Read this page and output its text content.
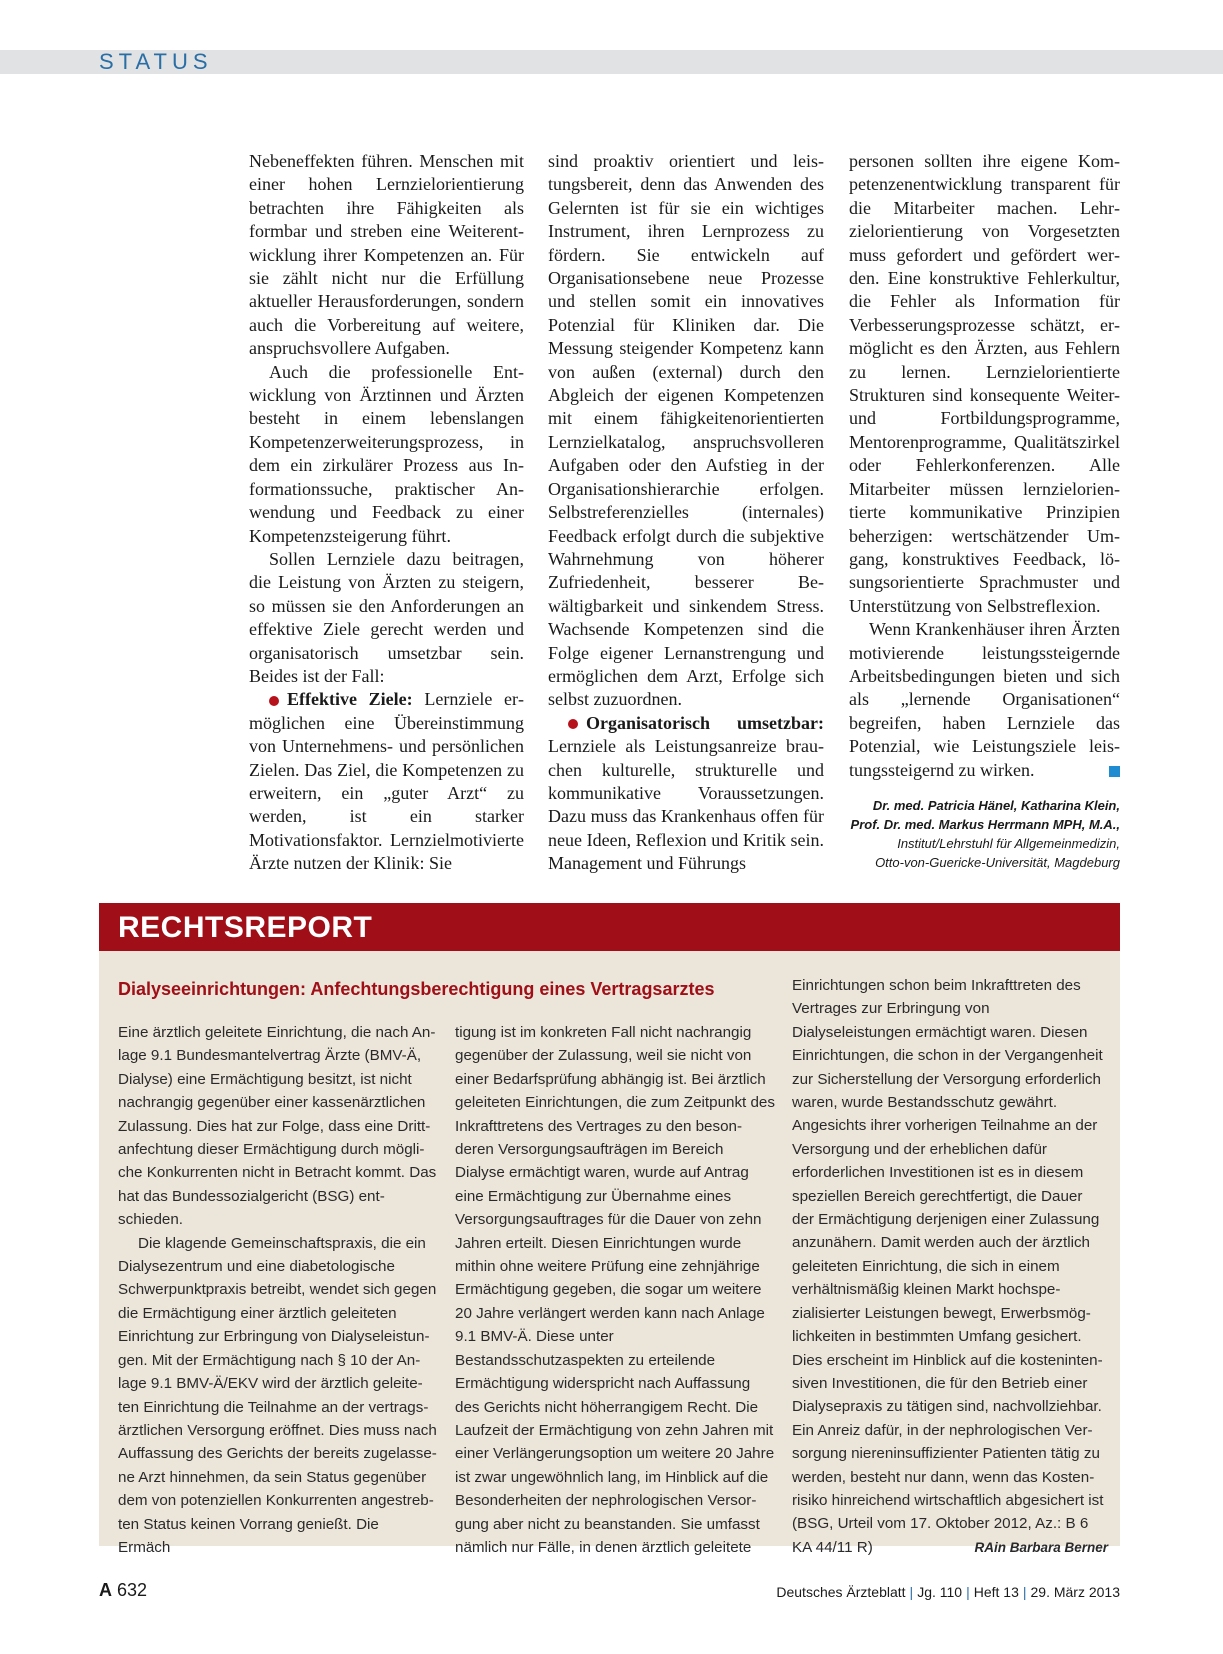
STATUS

Nebeneffekten führen. Menschen mit einer hohen Lernzielorientierung betrachten ihre Fähigkeiten als formbar und streben eine Weiterentwicklung ihrer Kompetenzen an. Für sie zählt nicht nur die Erfüllung aktueller Herausforderungen, sondern auch die Vorbereitung auf weitere, anspruchsvollere Aufgaben.

Auch die professionelle Entwicklung von Ärztinnen und Ärzten besteht in einem lebenslangen Kompetenzerweiterungsprozess, in dem ein zirkulärer Prozess aus Informationssuche, praktischer Anwendung und Feedback zu einer Kompetenzsteigerung führt.

Sollen Lernziele dazu beitragen, die Leistung von Ärzten zu steigern, so müssen sie den Anforderungen an effektive Ziele gerecht werden und organisatorisch umsetzbar sein. Beides ist der Fall:

Effektive Ziele: Lernziele ermöglichen eine Übereinstimmung von Unternehmens- und persönlichen Zielen. Das Ziel, die Kompetenzen zu erweitern, ein „guter Arzt“ zu werden, ist ein starker Motivationsfaktor. Lernzielmotivierte Ärzte nutzen der Klinik: Sie

sind proaktiv orientiert und leistungsbereit, denn das Anwenden des Gelernten ist für sie ein wichtiges Instrument, ihren Lernprozess zu fördern. Sie entwickeln auf Organisationsebene neue Prozesse und stellen somit ein innovatives Potenzial für Kliniken dar. Die Messung steigender Kompetenz kann von außen (external) durch den Abgleich der eigenen Kompetenzen mit einem fähigkeitenorientierten Lernzielkatalog, anspruchsvolleren Aufgaben oder den Aufstieg in der Organisationshierarchie erfolgen. Selbstreferenzielles (internales) Feedback erfolgt durch die subjektive Wahrnehmung von höherer Zufriedenheit, besserer Bewältigbarkeit und sinkendem Stress. Wachsende Kompetenzen sind die Folge eigener Lernanstrengung und ermöglichen dem Arzt, Erfolge sich selbst zuzuordnen.

Organisatorisch umsetzbar: Lernziele als Leistungsanreize brauchen kulturelle, strukturelle und kommunikative Voraussetzungen. Dazu muss das Krankenhaus offen für neue Ideen, Reflexion und Kritik sein. Management und Führungs

personen sollten ihre eigene Kompetenzenentwicklung transparent für die Mitarbeiter machen. Lehrzielorientierung von Vorgesetzten muss gefordert und gefördert werden. Eine konstruktive Fehlerkultur, die Fehler als Information für Verbesserungsprozesse schätzt, ermöglicht es den Ärzten, aus Fehlern zu lernen. Lernzielorientierte Strukturen sind konsequente Weiter- und Fortbildungsprogramme, Mentorenprogramme, Qualitätszirkel oder Fehlerkonferenzen. Alle Mitarbeiter müssen lernzielorientierte kommunikative Prinzipien beherzigen: wertschätzender Umgang, konstruktives Feedback, lösungsorientierte Sprachmuster und Unterstützung von Selbstreflexion.

Wenn Krankenhäuser ihren Ärzten motivierende leistungssteigernde Arbeitsbedingungen bieten und sich als „lernende Organisationen“ begreifen, haben Lernziele das Potenzial, wie Leistungsziele leistungssteigernd zu wirken.

Dr. med. Patricia Hänel, Katharina Klein,
Prof. Dr. med. Markus Herrmann MPH, M.A.,
Institut/Lehrstuhl für Allgemeinmedizin,
Otto-von-Guericke-Universität, Magdeburg
RECHTSREPORT
Dialyseeinrichtungen: Anfechtungsberechtigung eines Vertragsarztes

Eine ärztlich geleitete Einrichtung, die nach Anlage 9.1 Bundesmantelvertrag Ärzte (BMV-Ä, Dialyse) eine Ermächtigung besitzt, ist nicht nachrangig gegenüber einer kassenärztlichen Zulassung. Dies hat zur Folge, dass eine Drittanfechtung dieser Ermächtigung durch mögliche Konkurrenten nicht in Betracht kommt. Das hat das Bundessozialgericht (BSG) entschieden.

Die klagende Gemeinschaftspraxis, die ein Dialysezentrum und eine diabetologische Schwerpunktpraxis betreibt, wendet sich gegen die Ermächtigung einer ärztlich geleiteten Einrichtung zur Erbringung von Dialyseleistungen. Mit der Ermächtigung nach § 10 der Anlage 9.1 BMV-Ä/EKV wird der ärztlich geleiteten Einrichtung die Teilnahme an der vertragsärztlichen Versorgung eröffnet. Dies muss nach Auffassung des Gerichts der bereits zugelassene Arzt hinnehmen, da sein Status gegenüber dem von potenziellen Konkurrenten angestrebten Status keinen Vorrang genießt. Die Ermäch

tigung ist im konkreten Fall nicht nachrangig gegenüber der Zulassung, weil sie nicht von einer Bedarfsprüfung abhängig ist. Bei ärztlich geleiteten Einrichtungen, die zum Zeitpunkt des Inkrafttretens des Vertrages zu den besonderen Versorgungsaufträgen im Bereich Dialyse ermächtigt waren, wurde auf Antrag eine Ermächtigung zur Übernahme eines Versorgungsauftrages für die Dauer von zehn Jahren erteilt. Diesen Einrichtungen wurde mithin ohne weitere Prüfung eine zehnjährige Ermächtigung gegeben, die sogar um weitere 20 Jahre verlängert werden kann nach Anlage 9.1 BMV-Ä. Diese unter Bestandsschutzaspekten zu erteilende Ermächtigung widerspricht nach Auffassung des Gerichts nicht höherrangigem Recht. Die Laufzeit der Ermächtigung von zehn Jahren mit einer Verlängerungsoption um weitere 20 Jahre ist zwar ungewöhnlich lang, im Hinblick auf die Besonderheiten der nephrologischen Versorgung aber nicht zu beanstanden. Sie umfasst nämlich nur Fälle, in denen ärztlich geleitete

Einrichtungen schon beim Inkrafttreten des Vertrages zur Erbringung von Dialyseleistungen ermächtigt waren. Diesen Einrichtungen, die schon in der Vergangenheit zur Sicherstellung der Versorgung erforderlich waren, wurde Bestandsschutz gewährt. Angesichts ihrer vorherigen Teilnahme an der Versorgung und der erheblichen dafür erforderlichen Investitionen ist es in diesem speziellen Bereich gerechtfertigt, die Dauer der Ermächtigung derjenigen einer Zulassung anzunähern. Damit werden auch der ärztlich geleiteten Einrichtung, die sich in einem verhältnismäßig kleinen Markt hochspezialisierter Leistungen bewegt, Erwerbsmöglichkeiten in bestimmten Umfang gesichert. Dies erscheint im Hinblick auf die kostenintensiven Investitionen, die für den Betrieb einer Dialysepraxis zu tätigen sind, nachvollziehbar. Ein Anreiz dafür, in der nephrologischen Versorgung niereninsuffizienter Patienten tätig zu werden, besteht nur dann, wenn das Kostenrisiko hinreichend wirtschaftlich abgesichert ist (BSG, Urteil vom 17. Oktober 2012, Az.: B 6 KA 44/11 R)	RAin Barbara Berner

A 632	Deutsches Ärzteblatt | Jg. 110 | Heft 13 | 29. März 2013
